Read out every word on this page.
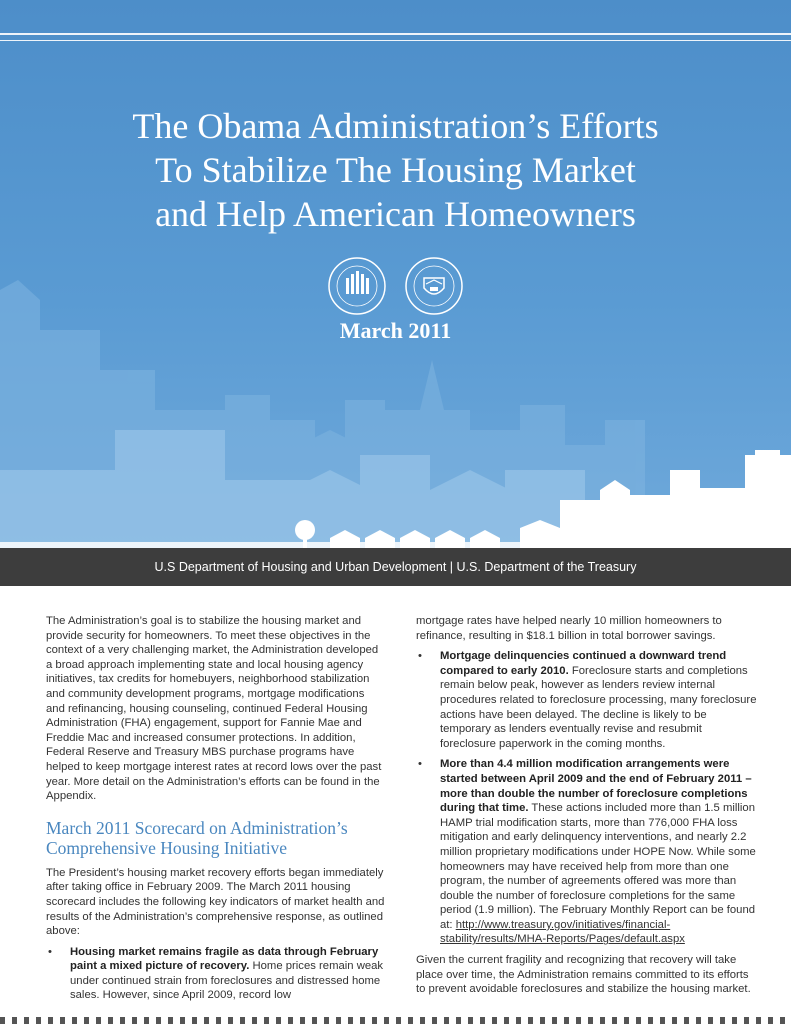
The Obama Administration’s Efforts
To Stabilize The Housing Market
and Help American Homeowners

March 2011
U.S Department of Housing and Urban Development | U.S. Department of the Treasury

The Administration’s goal is to stabilize the housing market and provide security for homeowners. To meet these objectives in the context of a very challenging market, the Administration developed a broad approach implementing state and local housing agency initiatives, tax credits for homebuyers, neighborhood stabilization and community development programs, mortgage modifications and refinancing, housing counseling, continued Federal Housing Administration (FHA) engagement, support for Fannie Mae and Freddie Mac and increased consumer protections. In addition, Federal Reserve and Treasury MBS purchase programs have helped to keep mortgage interest rates at record lows over the past year. More detail on the Administration’s efforts can be found in the Appendix.

March 2011 Scorecard on Administration’s Comprehensive Housing Initiative

The President’s housing market recovery efforts began immediately after taking office in February 2009. The March 2011 housing scorecard includes the following key indicators of market health and results of the Administration’s comprehensive response, as outlined above:

• Housing market remains fragile as data through February paint a mixed picture of recovery. Home prices remain weak under continued strain from foreclosures and distressed home sales. However, since April 2009, record low

mortgage rates have helped nearly 10 million homeowners to refinance, resulting in $18.1 billion in total borrower savings.

• Mortgage delinquencies continued a downward trend compared to early 2010. Foreclosure starts and completions remain below peak, however as lenders review internal procedures related to foreclosure processing, many foreclosure actions have been delayed. The decline is likely to be temporary as lenders eventually revise and resubmit foreclosure paperwork in the coming months.
• More than 4.4 million modification arrangements were started between April 2009 and the end of February 2011 – more than double the number of foreclosure completions during that time. These actions included more than 1.5 million HAMP trial modification starts, more than 776,000 FHA loss mitigation and early delinquency interventions, and nearly 2.2 million proprietary modifications under HOPE Now. While some homeowners may have received help from more than one program, the number of agreements offered was more than double the number of foreclosure completions for the same period (1.9 million). The February Monthly Report can be found at: http://www.treasury.gov/initiatives/financial-stability/results/MHA-Reports/Pages/default.aspx

Given the current fragility and recognizing that recovery will take place over time, the Administration remains committed to its efforts to prevent avoidable foreclosures and stabilize the housing market.
